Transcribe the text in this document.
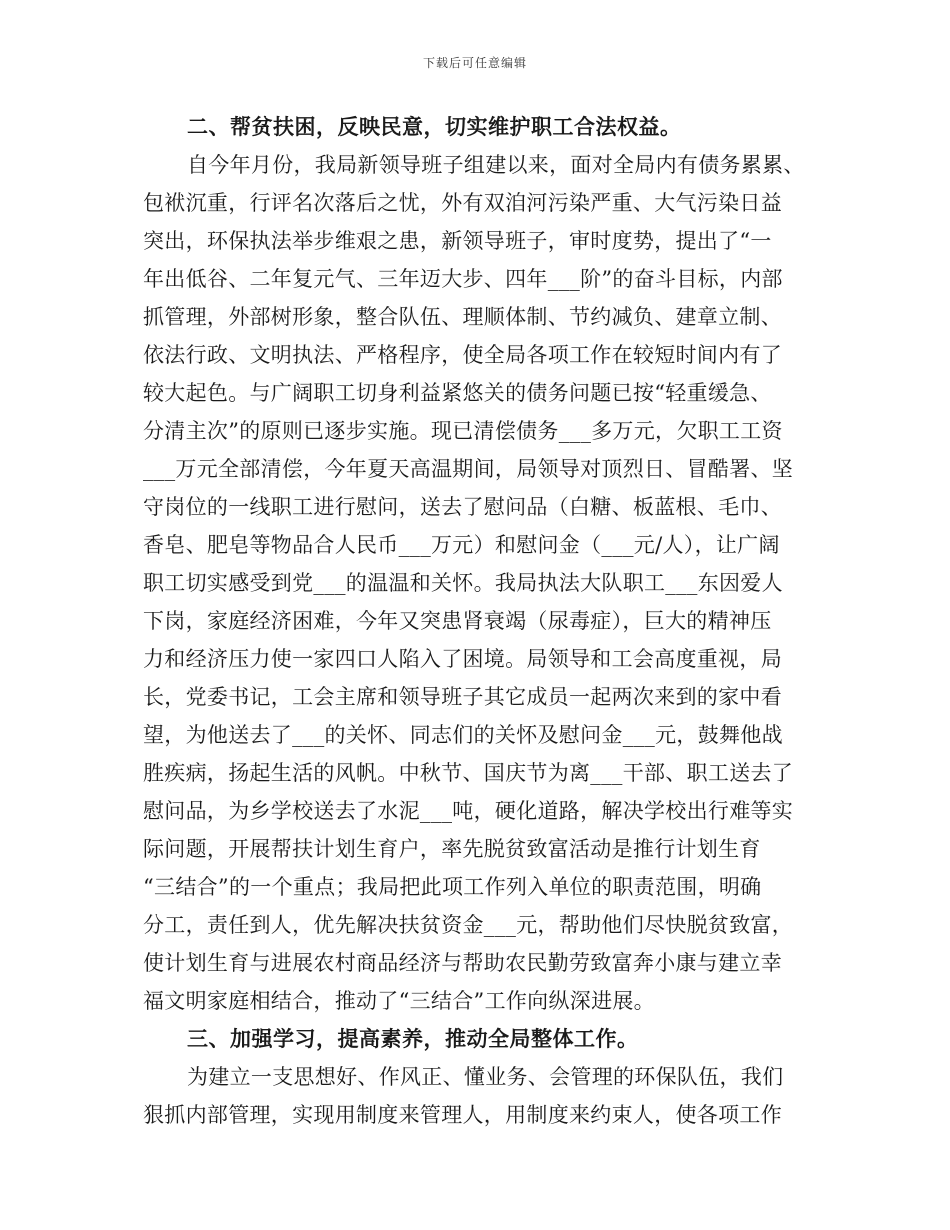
下载后可任意编辑
二、帮贫扶困，反映民意，切实维护职工合法权益。
自今年月份，我局新领导班子组建以来，面对全局内有债务累累、
包袱沉重，行评名次落后之忧，外有双洎河污染严重、大气污染日益
突出，环保执法举步维艰之患，新领导班子，审时度势，提出了“一
年出低谷、二年复元气、三年迈大步、四年___阶”的奋斗目标，内部
抓管理，外部树形象，整合队伍、理顺体制、节约减负、建章立制、
依法行政、文明执法、严格程序，使全局各项工作在较短时间内有了
较大起色。与广阔职工切身利益紧悠关的债务问题已按“轻重缓急、
分清主次”的原则已逐步实施。现已清偿债务___多万元，欠职工工资
___万元全部清偿，今年夏天高温期间，局领导对顶烈日、冒酷署、坚
守岗位的一线职工进行慰问，送去了慰问品（白糖、板蓝根、毛巾、
香皂、肥皂等物品合人民币___万元）和慰问金（___元/人），让广阔
职工切实感受到党___的温温和关怀。我局执法大队职工___东因爱人
下岗，家庭经济困难，今年又突患肾衰竭（尿毒症），巨大的精神压
力和经济压力使一家四口人陷入了困境。局领导和工会高度重视，局
长，党委书记，工会主席和领导班子其它成员一起两次来到的家中看
望，为他送去了___的关怀、同志们的关怀及慰问金___元，鼓舞他战
胜疾病，扬起生活的风帆。中秋节、国庆节为离___干部、职工送去了
慰问品，为乡学校送去了水泥___吨，硬化道路，解决学校出行难等实
际问题，开展帮扶计划生育户，率先脱贫致富活动是推行计划生育
“三结合”的一个重点；我局把此项工作列入单位的职责范围，明确
分工，责任到人，优先解决扶贫资金___元，帮助他们尽快脱贫致富，
使计划生育与进展农村商品经济与帮助农民勤劳致富奔小康与建立幸
福文明家庭相结合，推动了“三结合”工作向纵深进展。
三、加强学习，提高素养，推动全局整体工作。
为建立一支思想好、作风正、懂业务、会管理的环保队伍，我们
狠抓内部管理，实现用制度来管理人，用制度来约束人，使各项工作
